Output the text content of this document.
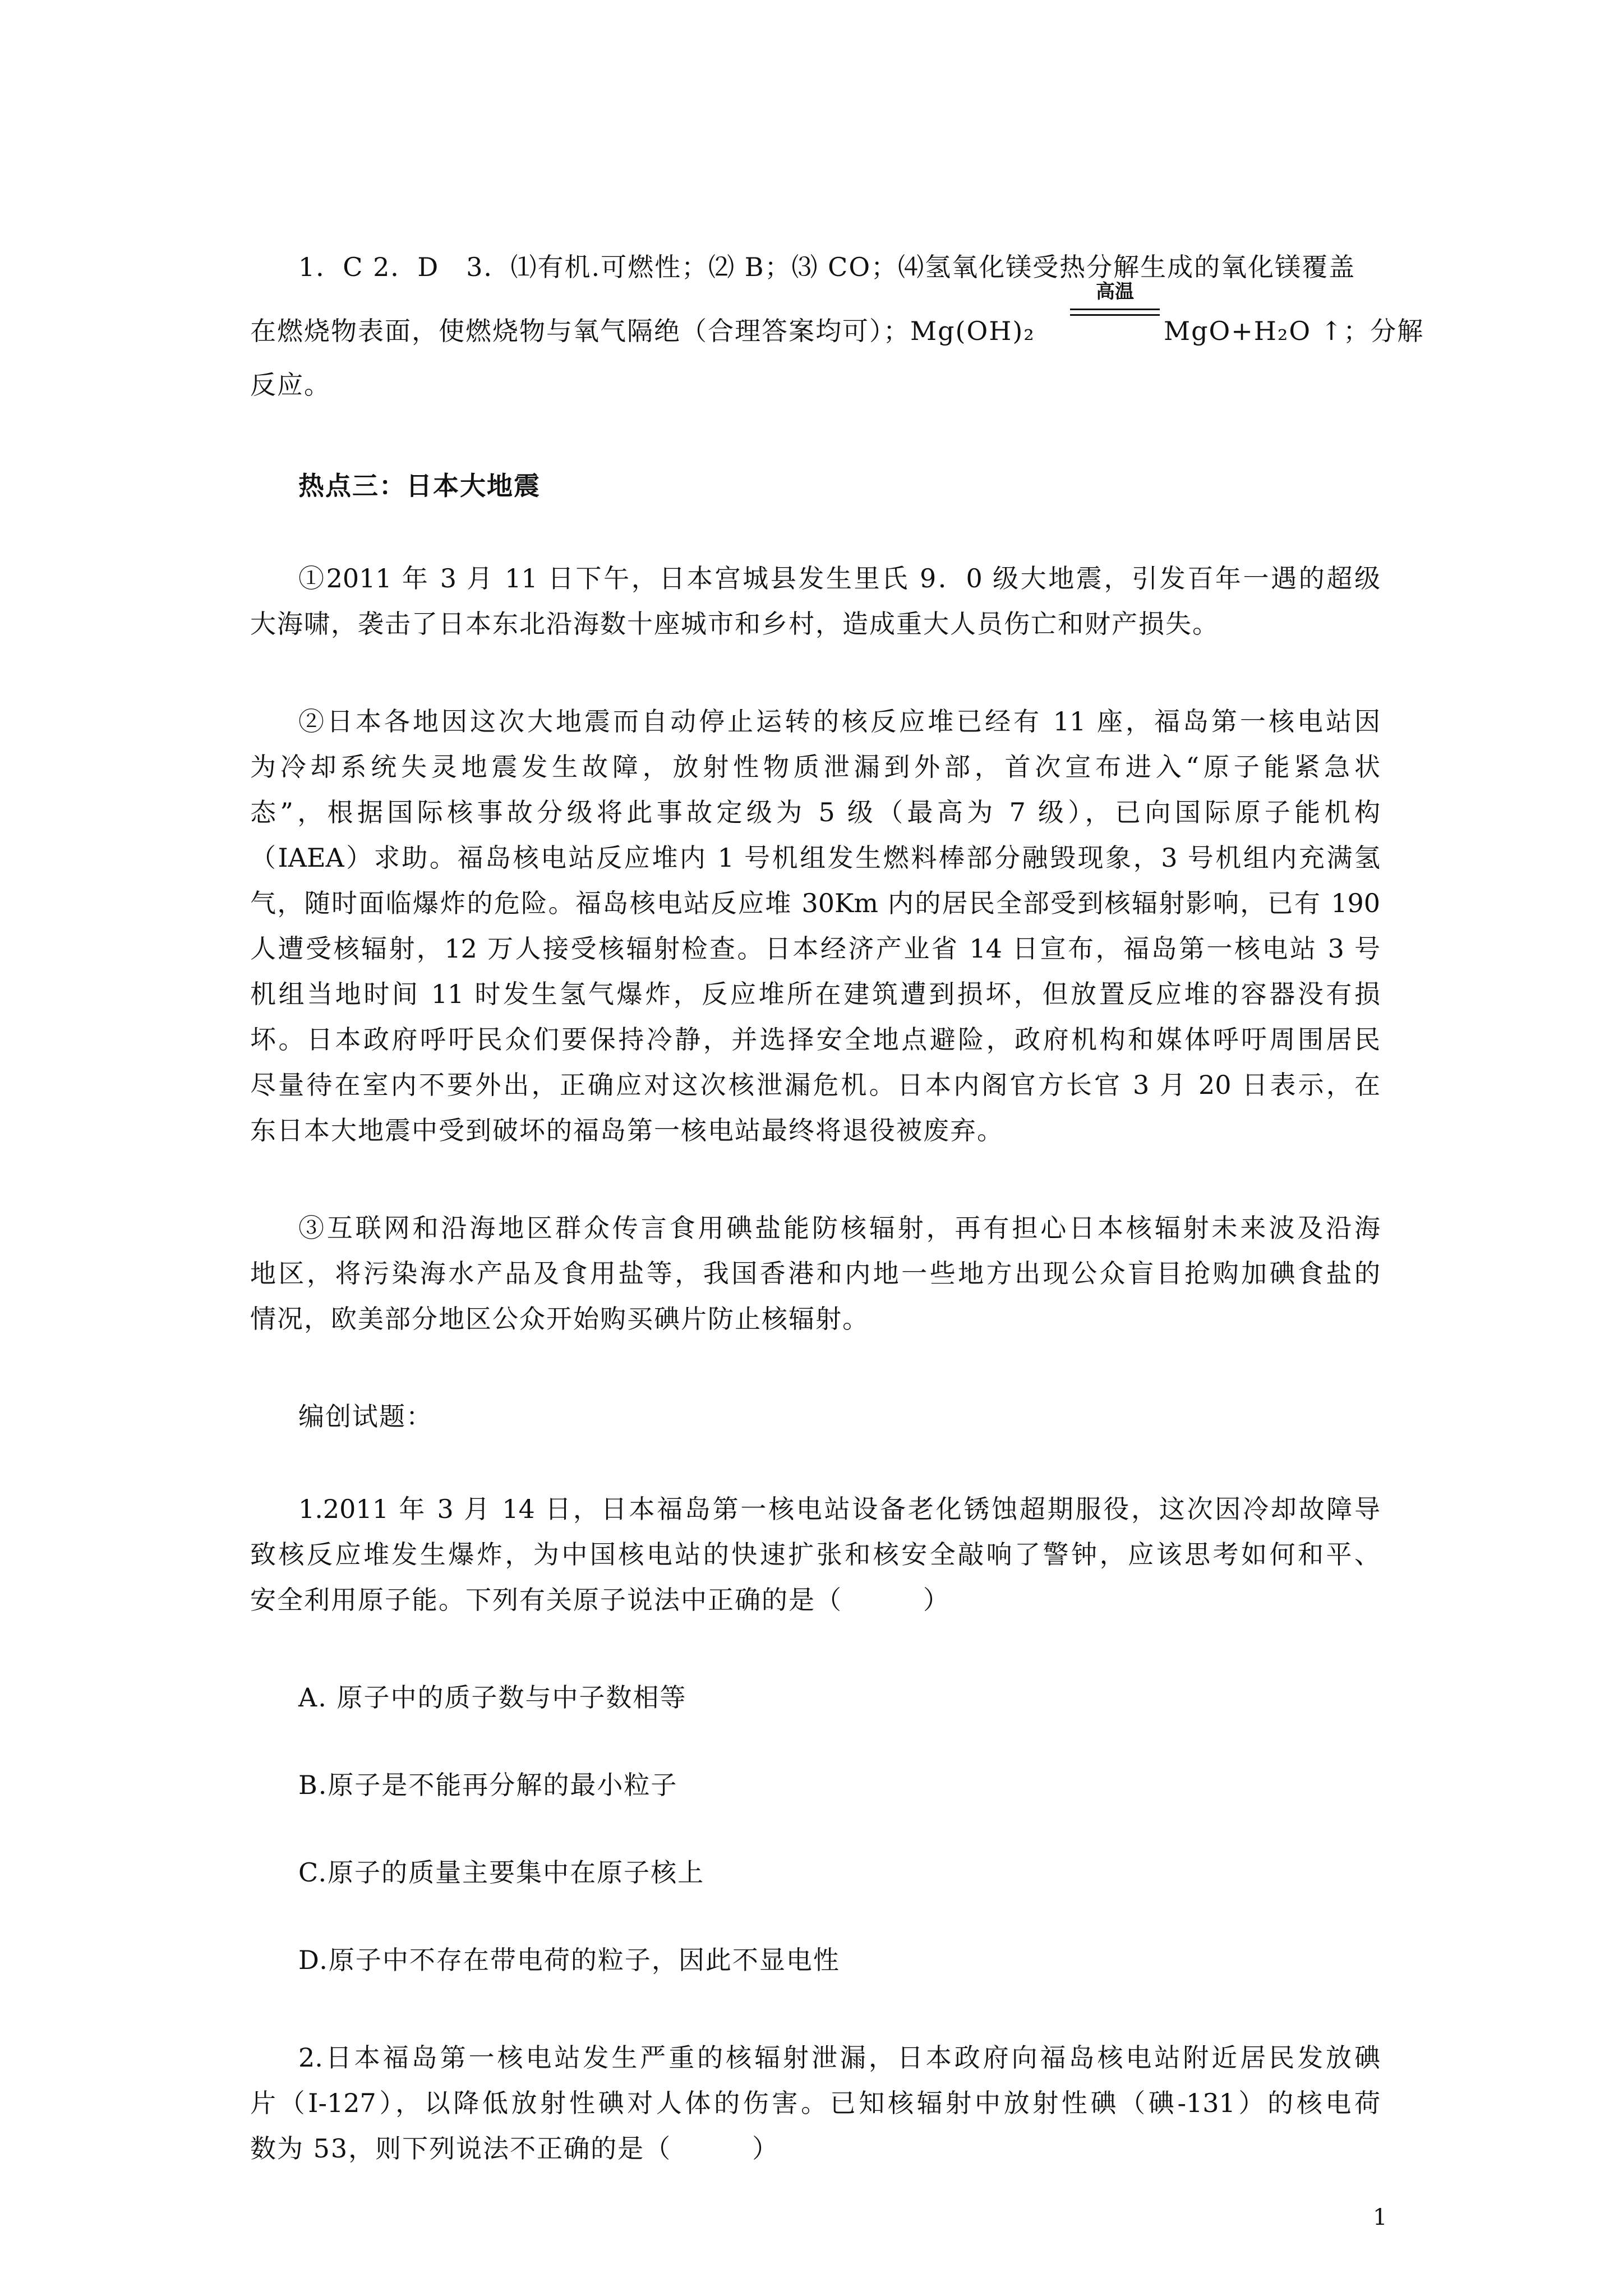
1．C 2．D　3．⑴有机.可燃性；⑵ B；⑶ CO；⑷氢氧化镁受热分解生成的氧化镁覆盖
在燃烧物表面，使燃烧物与氧气隔绝（合理答案均可）；Mg(OH)₂
高温
MgO+H₂O ↑；分解
反应。
热点三：日本大地震
①2011 年 3 月 11 日下午，日本宫城县发生里氏 9．0 级大地震，引发百年一遇的超级
大海啸，袭击了日本东北沿海数十座城市和乡村，造成重大人员伤亡和财产损失。
②日本各地因这次大地震而自动停止运转的核反应堆已经有 11 座，福岛第一核电站因
为冷却系统失灵地震发生故障，放射性物质泄漏到外部，首次宣布进入“原子能紧急状
态”，根据国际核事故分级将此事故定级为 5 级（最高为 7 级），已向国际原子能机构
（IAEA）求助。福岛核电站反应堆内 1 号机组发生燃料棒部分融毁现象，3 号机组内充满氢
气，随时面临爆炸的危险。福岛核电站反应堆 30Km 内的居民全部受到核辐射影响，已有 190
人遭受核辐射，12 万人接受核辐射检查。日本经济产业省 14 日宣布，福岛第一核电站 3 号
机组当地时间 11 时发生氢气爆炸，反应堆所在建筑遭到损坏，但放置反应堆的容器没有损
坏。日本政府呼吁民众们要保持冷静，并选择安全地点避险，政府机构和媒体呼吁周围居民
尽量待在室内不要外出，正确应对这次核泄漏危机。日本内阁官方长官 3 月 20 日表示，在
东日本大地震中受到破坏的福岛第一核电站最终将退役被废弃。
③互联网和沿海地区群众传言食用碘盐能防核辐射，再有担心日本核辐射未来波及沿海
地区，将污染海水产品及食用盐等，我国香港和内地一些地方出现公众盲目抢购加碘食盐的
情况，欧美部分地区公众开始购买碘片防止核辐射。
编创试题：
1.2011 年 3 月 14 日，日本福岛第一核电站设备老化锈蚀超期服役，这次因冷却故障导
致核反应堆发生爆炸，为中国核电站的快速扩张和核安全敲响了警钟，应该思考如何和平、
安全利用原子能。下列有关原子说法中正确的是（　　　）
A. 原子中的质子数与中子数相等
B.原子是不能再分解的最小粒子
C.原子的质量主要集中在原子核上
D.原子中不存在带电荷的粒子，因此不显电性
2.日本福岛第一核电站发生严重的核辐射泄漏，日本政府向福岛核电站附近居民发放碘
片（I-127），以降低放射性碘对人体的伤害。已知核辐射中放射性碘（碘-131）的核电荷
数为 53，则下列说法不正确的是（　　　）
1
